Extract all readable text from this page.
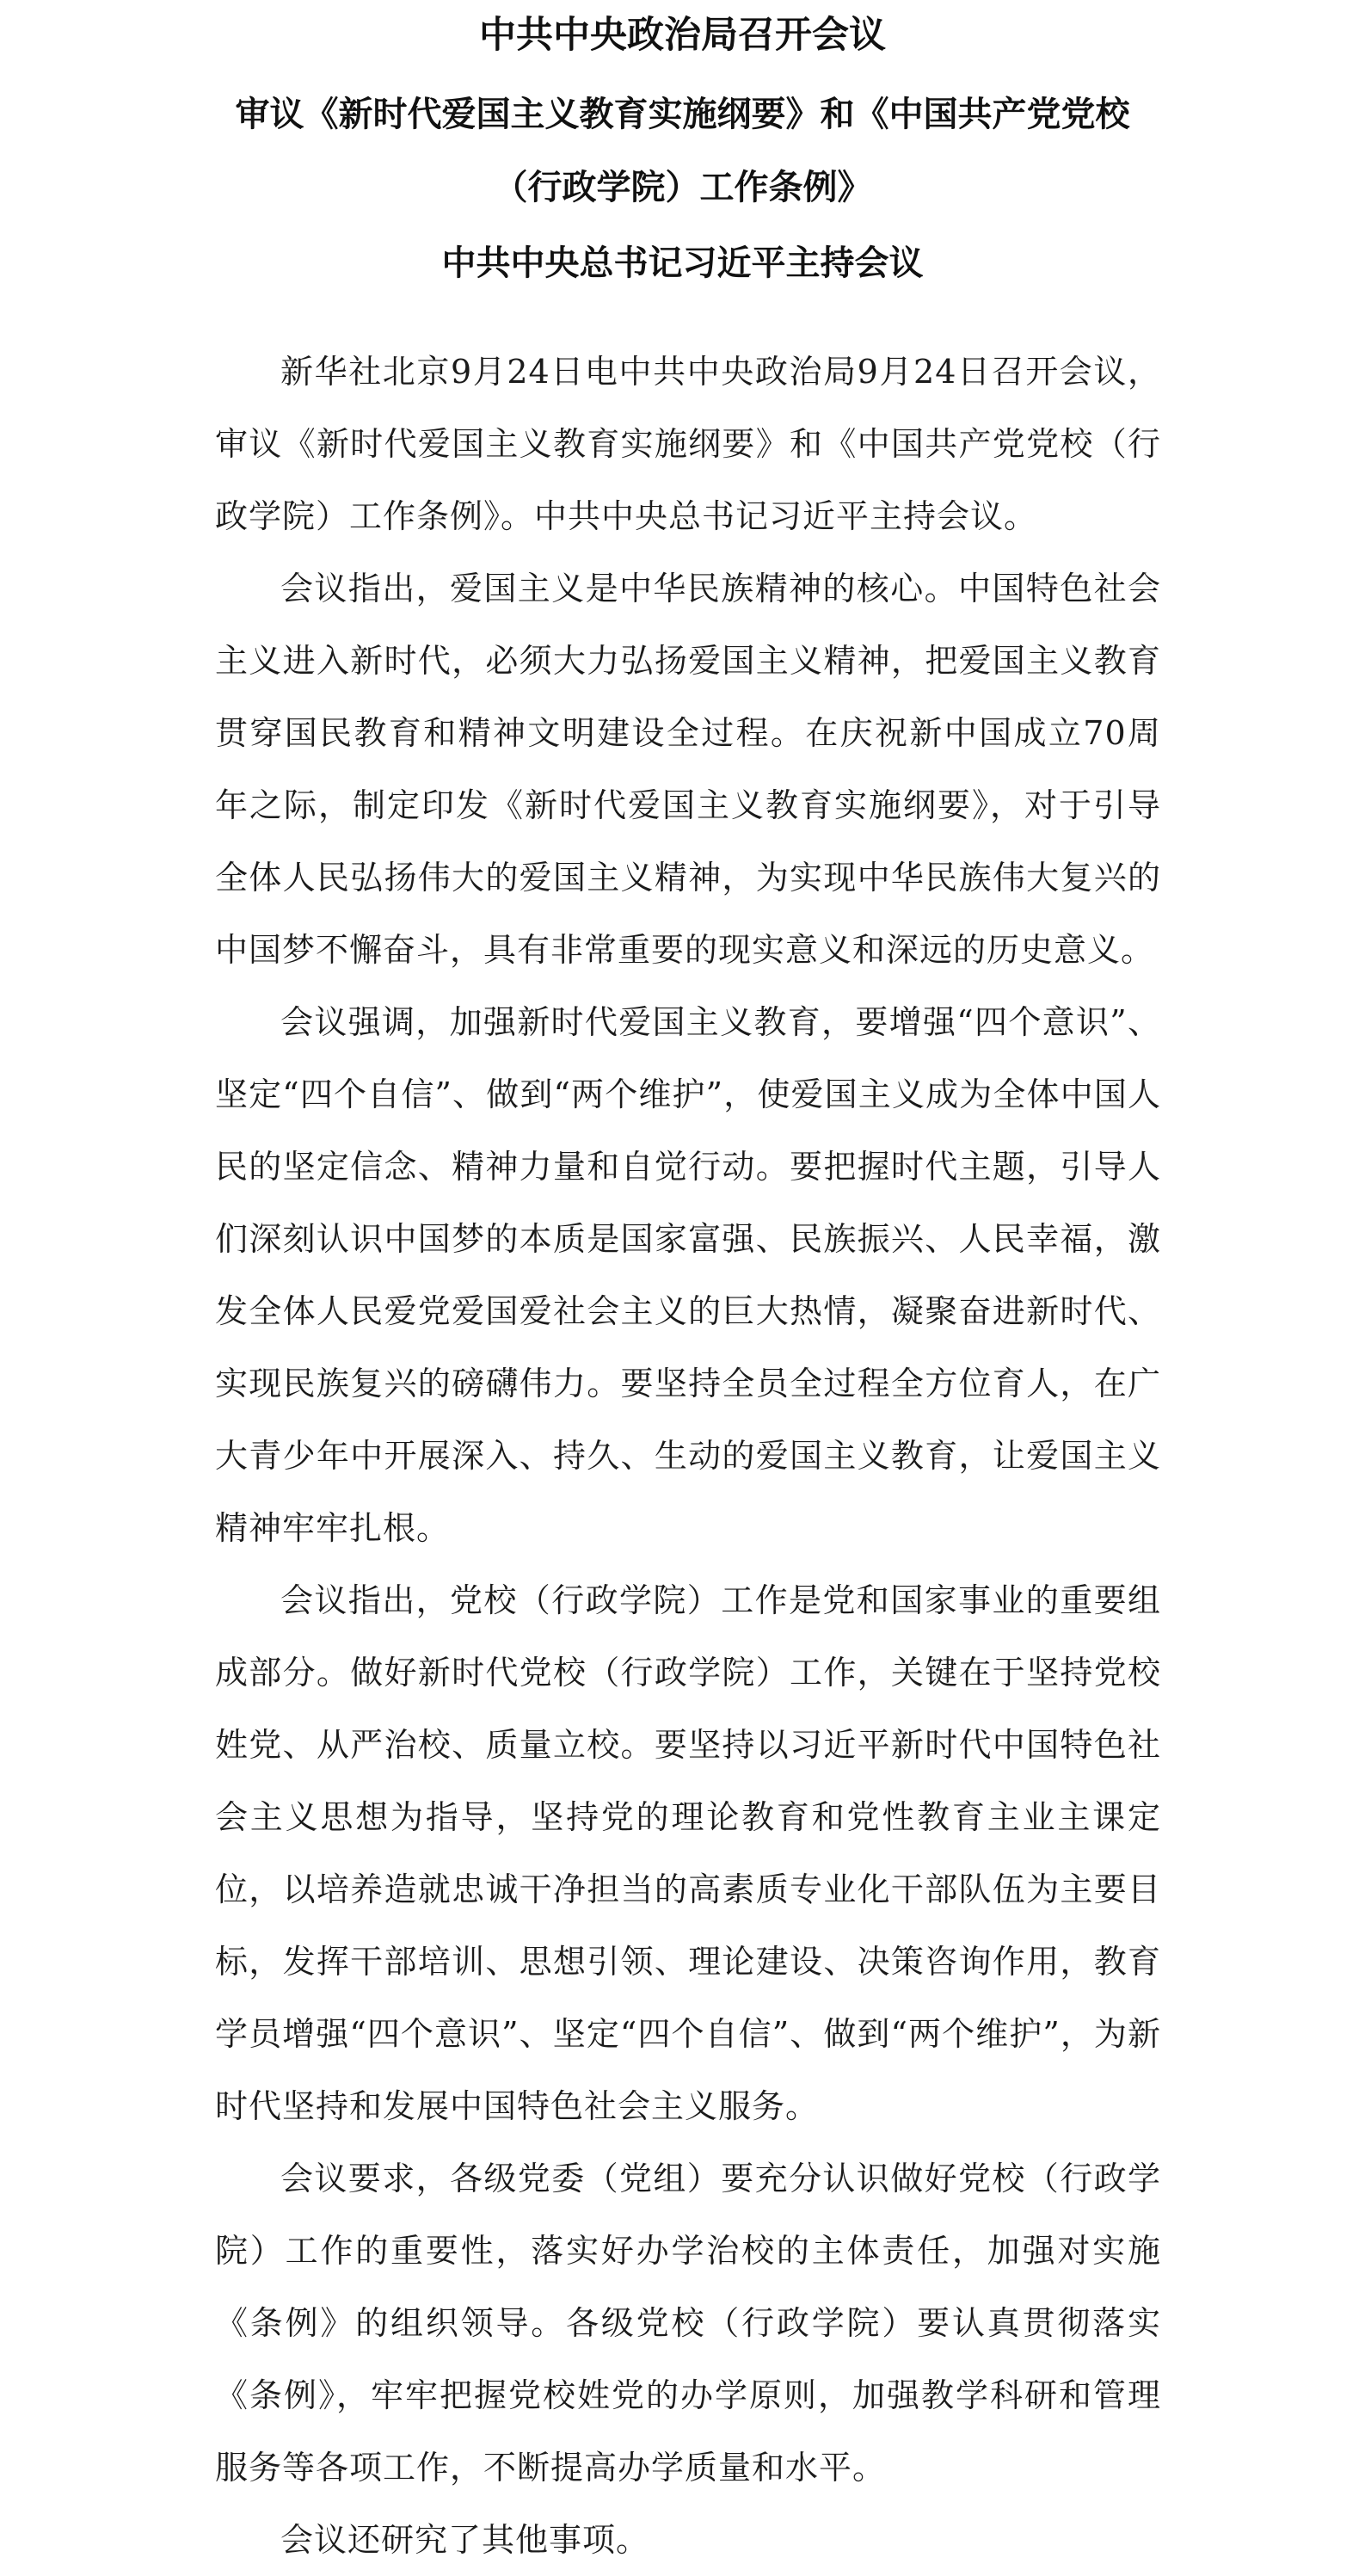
中共中央政治局召开会议
审议《新时代爱国主义教育实施纲要》和《中国共产党党校
（行政学院）工作条例》
中共中央总书记习近平主持会议

新华社北京9月24日电中共中央政治局9月24日召开会议，审议《新时代爱国主义教育实施纲要》和《中国共产党党校（行政学院）工作条例》。中共中央总书记习近平主持会议。

会议指出，爱国主义是中华民族精神的核心。中国特色社会主义进入新时代，必须大力弘扬爱国主义精神，把爱国主义教育贯穿国民教育和精神文明建设全过程。在庆祝新中国成立70周年之际，制定印发《新时代爱国主义教育实施纲要》，对于引导全体人民弘扬伟大的爱国主义精神，为实现中华民族伟大复兴的中国梦不懈奋斗，具有非常重要的现实意义和深远的历史意义。

会议强调，加强新时代爱国主义教育，要增强“四个意识”、坚定“四个自信”、做到“两个维护”，使爱国主义成为全体中国人民的坚定信念、精神力量和自觉行动。要把握时代主题，引导人们深刻认识中国梦的本质是国家富强、民族振兴、人民幸福，激发全体人民爱党爱国爱社会主义的巨大热情，凝聚奋进新时代、实现民族复兴的磅礴伟力。要坚持全员全过程全方位育人，在广大青少年中开展深入、持久、生动的爱国主义教育，让爱国主义精神牢牢扎根。

会议指出，党校（行政学院）工作是党和国家事业的重要组成部分。做好新时代党校（行政学院）工作，关键在于坚持党校姓党、从严治校、质量立校。要坚持以习近平新时代中国特色社会主义思想为指导，坚持党的理论教育和党性教育主业主课定位，以培养造就忠诚干净担当的高素质专业化干部队伍为主要目标，发挥干部培训、思想引领、理论建设、决策咨询作用，教育学员增强“四个意识”、坚定“四个自信”、做到“两个维护”，为新时代坚持和发展中国特色社会主义服务。

会议要求，各级党委（党组）要充分认识做好党校（行政学院）工作的重要性，落实好办学治校的主体责任，加强对实施《条例》的组织领导。各级党校（行政学院）要认真贯彻落实《条例》，牢牢把握党校姓党的办学原则，加强教学科研和管理服务等各项工作，不断提高办学质量和水平。

会议还研究了其他事项。
